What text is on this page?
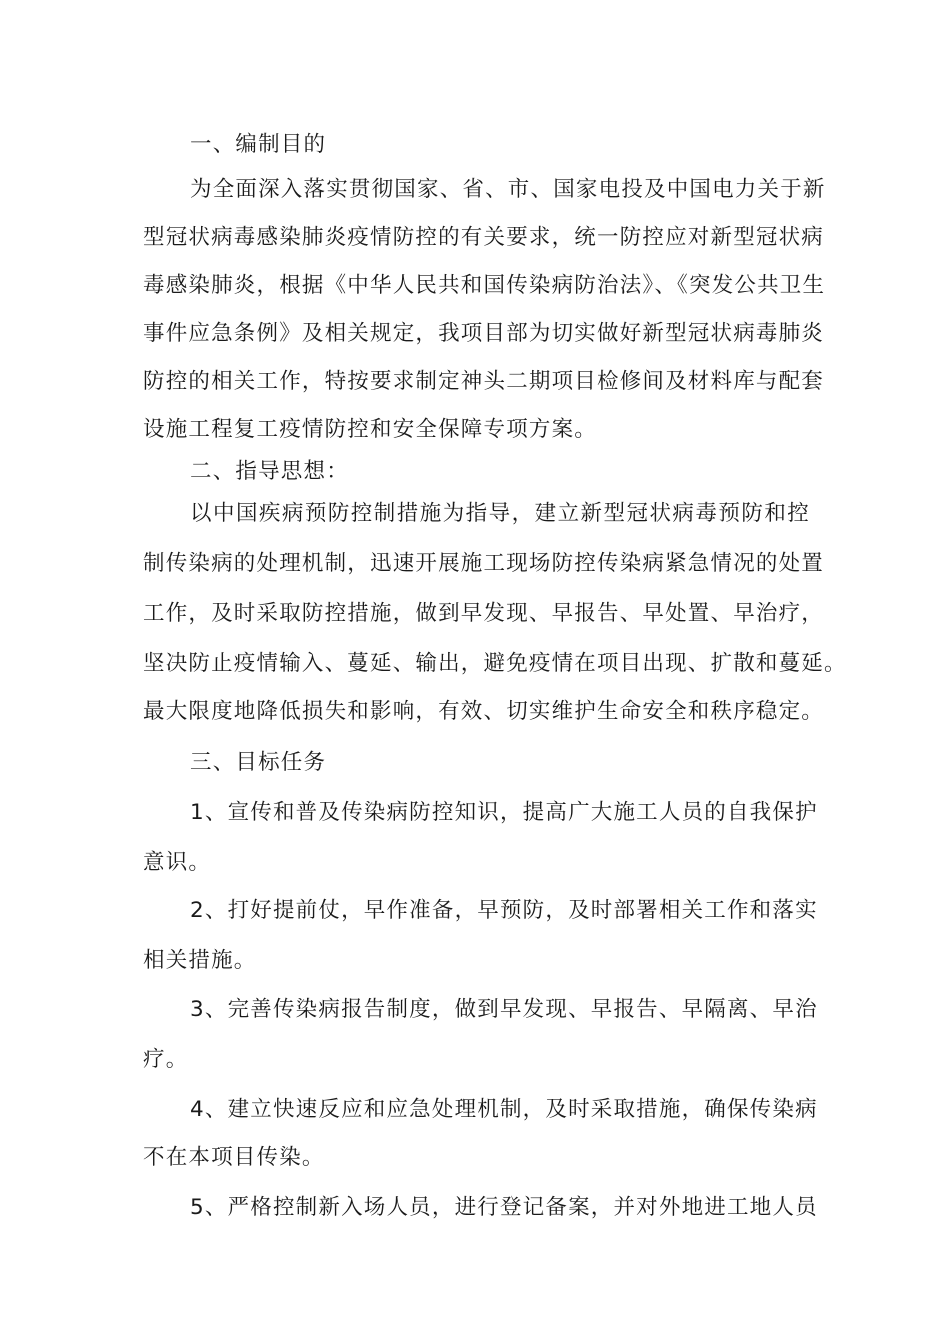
一、编制目的
为全面深入落实贯彻国家、省、市、国家电投及中国电力关于新
型冠状病毒感染肺炎疫情防控的有关要求，统一防控应对新型冠状病
毒感染肺炎，根据《中华人民共和国传染病防治法》、《突发公共卫生
事件应急条例》及相关规定，我项目部为切实做好新型冠状病毒肺炎
防控的相关工作，特按要求制定神头二期项目检修间及材料库与配套
设施工程复工疫情防控和安全保障专项方案。
二、指导思想：
以中国疾病预防控制措施为指导，建立新型冠状病毒预防和控
制传染病的处理机制，迅速开展施工现场防控传染病紧急情况的处置
工作，及时采取防控措施，做到早发现、早报告、早处置、早治疗，
坚决防止疫情输入、蔓延、输出，避免疫情在项目出现、扩散和蔓延。
最大限度地降低损失和影响，有效、切实维护生命安全和秩序稳定。
三、目标任务
1、宣传和普及传染病防控知识，提高广大施工人员的自我保护
意识。
2、打好提前仗，早作准备，早预防，及时部署相关工作和落实
相关措施。
3、完善传染病报告制度，做到早发现、早报告、早隔离、早治
疗。
4、建立快速反应和应急处理机制，及时采取措施，确保传染病
不在本项目传染。
5、严格控制新入场人员，进行登记备案，并对外地进工地人员
